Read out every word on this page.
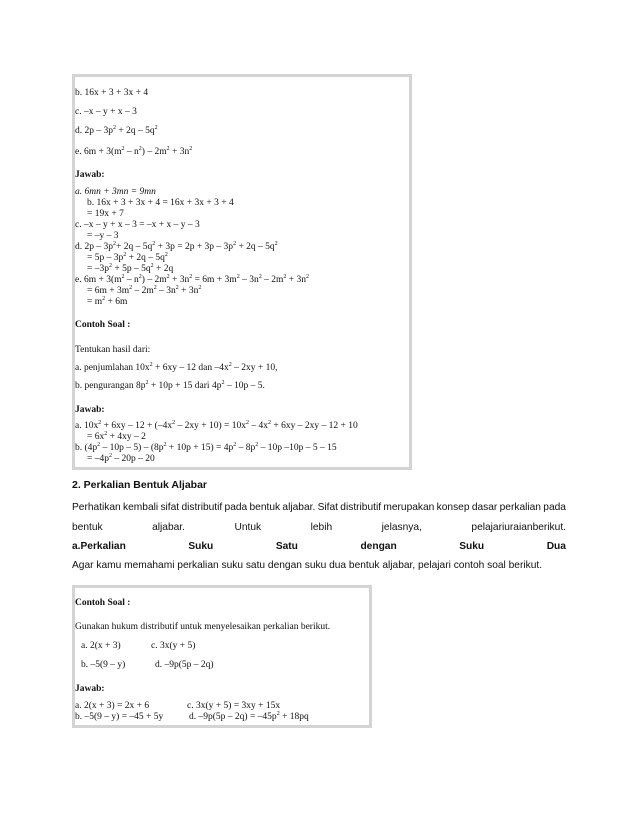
b. 16x + 3 + 3x + 4
c. –x – y + x – 3
d. $2p - 3p^2 + 2q - 5q^2$
e. $6m + 3(m^2 - n^2) - 2m^2 + 3n^2$
Jawab:
a. 6mn + 3mn = 9mn
b. 16x + 3 + 3x + 4 = 16x + 3x + 3 + 4
= 19x + 7
c. –x – y + x – 3 = –x + x – y – 3
= –y – 3
d. $2p - 3p^2+ 2q - 5q^2 + 3p = 2p + 3p - 3p^2 + 2q - 5q^2$
= $5p - 3p^2 + 2q - 5q^2$
= $-3p^2 + 5p - 5q^2 + 2q$
e. $6m + 3(m^2 - n^2) - 2m^2 + 3n^2 = 6m + 3m^2 - 3n^2 - 2m^2 + 3n^2$
= $6m + 3m^2 - 2m^2 - 3n^2 + 3n^2$
= $m^2 + 6m$
Contoh Soal :
Tentukan hasil dari:
a. penjumlahan $10x^2 + 6xy - 12$ dan $-4x^2 - 2xy + 10$,
b. pengurangan $8p^2 + 10p + 15$ dari $4p^2 - 10p - 5$.
Jawab:
a. $10x^2 + 6xy - 12 + (-4x^2 - 2xy + 10) = 10x^2 - 4x^2 + 6xy - 2xy - 12 + 10$
= $6x^2 + 4xy - 2$
b. $(4p^2 - 10p - 5) - (8p^2 + 10p + 15) = 4p^2 - 8p^2 - 10p$ –10p – 5 – 15
= $-4p^2 - 20p - 20$
2. Perkalian Bentuk Aljabar
Perhatikan kembali sifat distributif pada bentuk aljabar. Sifat distributif merupakan konsep dasar perkalian pada
bentuk	aljabar.	Untuk	lebih	jelasnya,	pelajariuraianberikut.
a.Perkalian	Suku	Satu	dengan	Suku	Dua
Agar kamu memahami perkalian suku satu dengan suku dua bentuk aljabar, pelajari contoh soal berikut.
Contoh Soal :
Gunakan hukum distributif untuk menyelesaikan perkalian berikut.
a. 2(x + 3)	c. 3x(y + 5)
b. –5(9 – y)	d. –9p(5p – 2q)
Jawab:
a. 2(x + 3) = 2x + 6	c. 3x(y + 5) = 3xy + 15x
b. –5(9 – y) = –45 + 5y	d. $-9p(5p - 2q) = -45p^2 + 18pq$
